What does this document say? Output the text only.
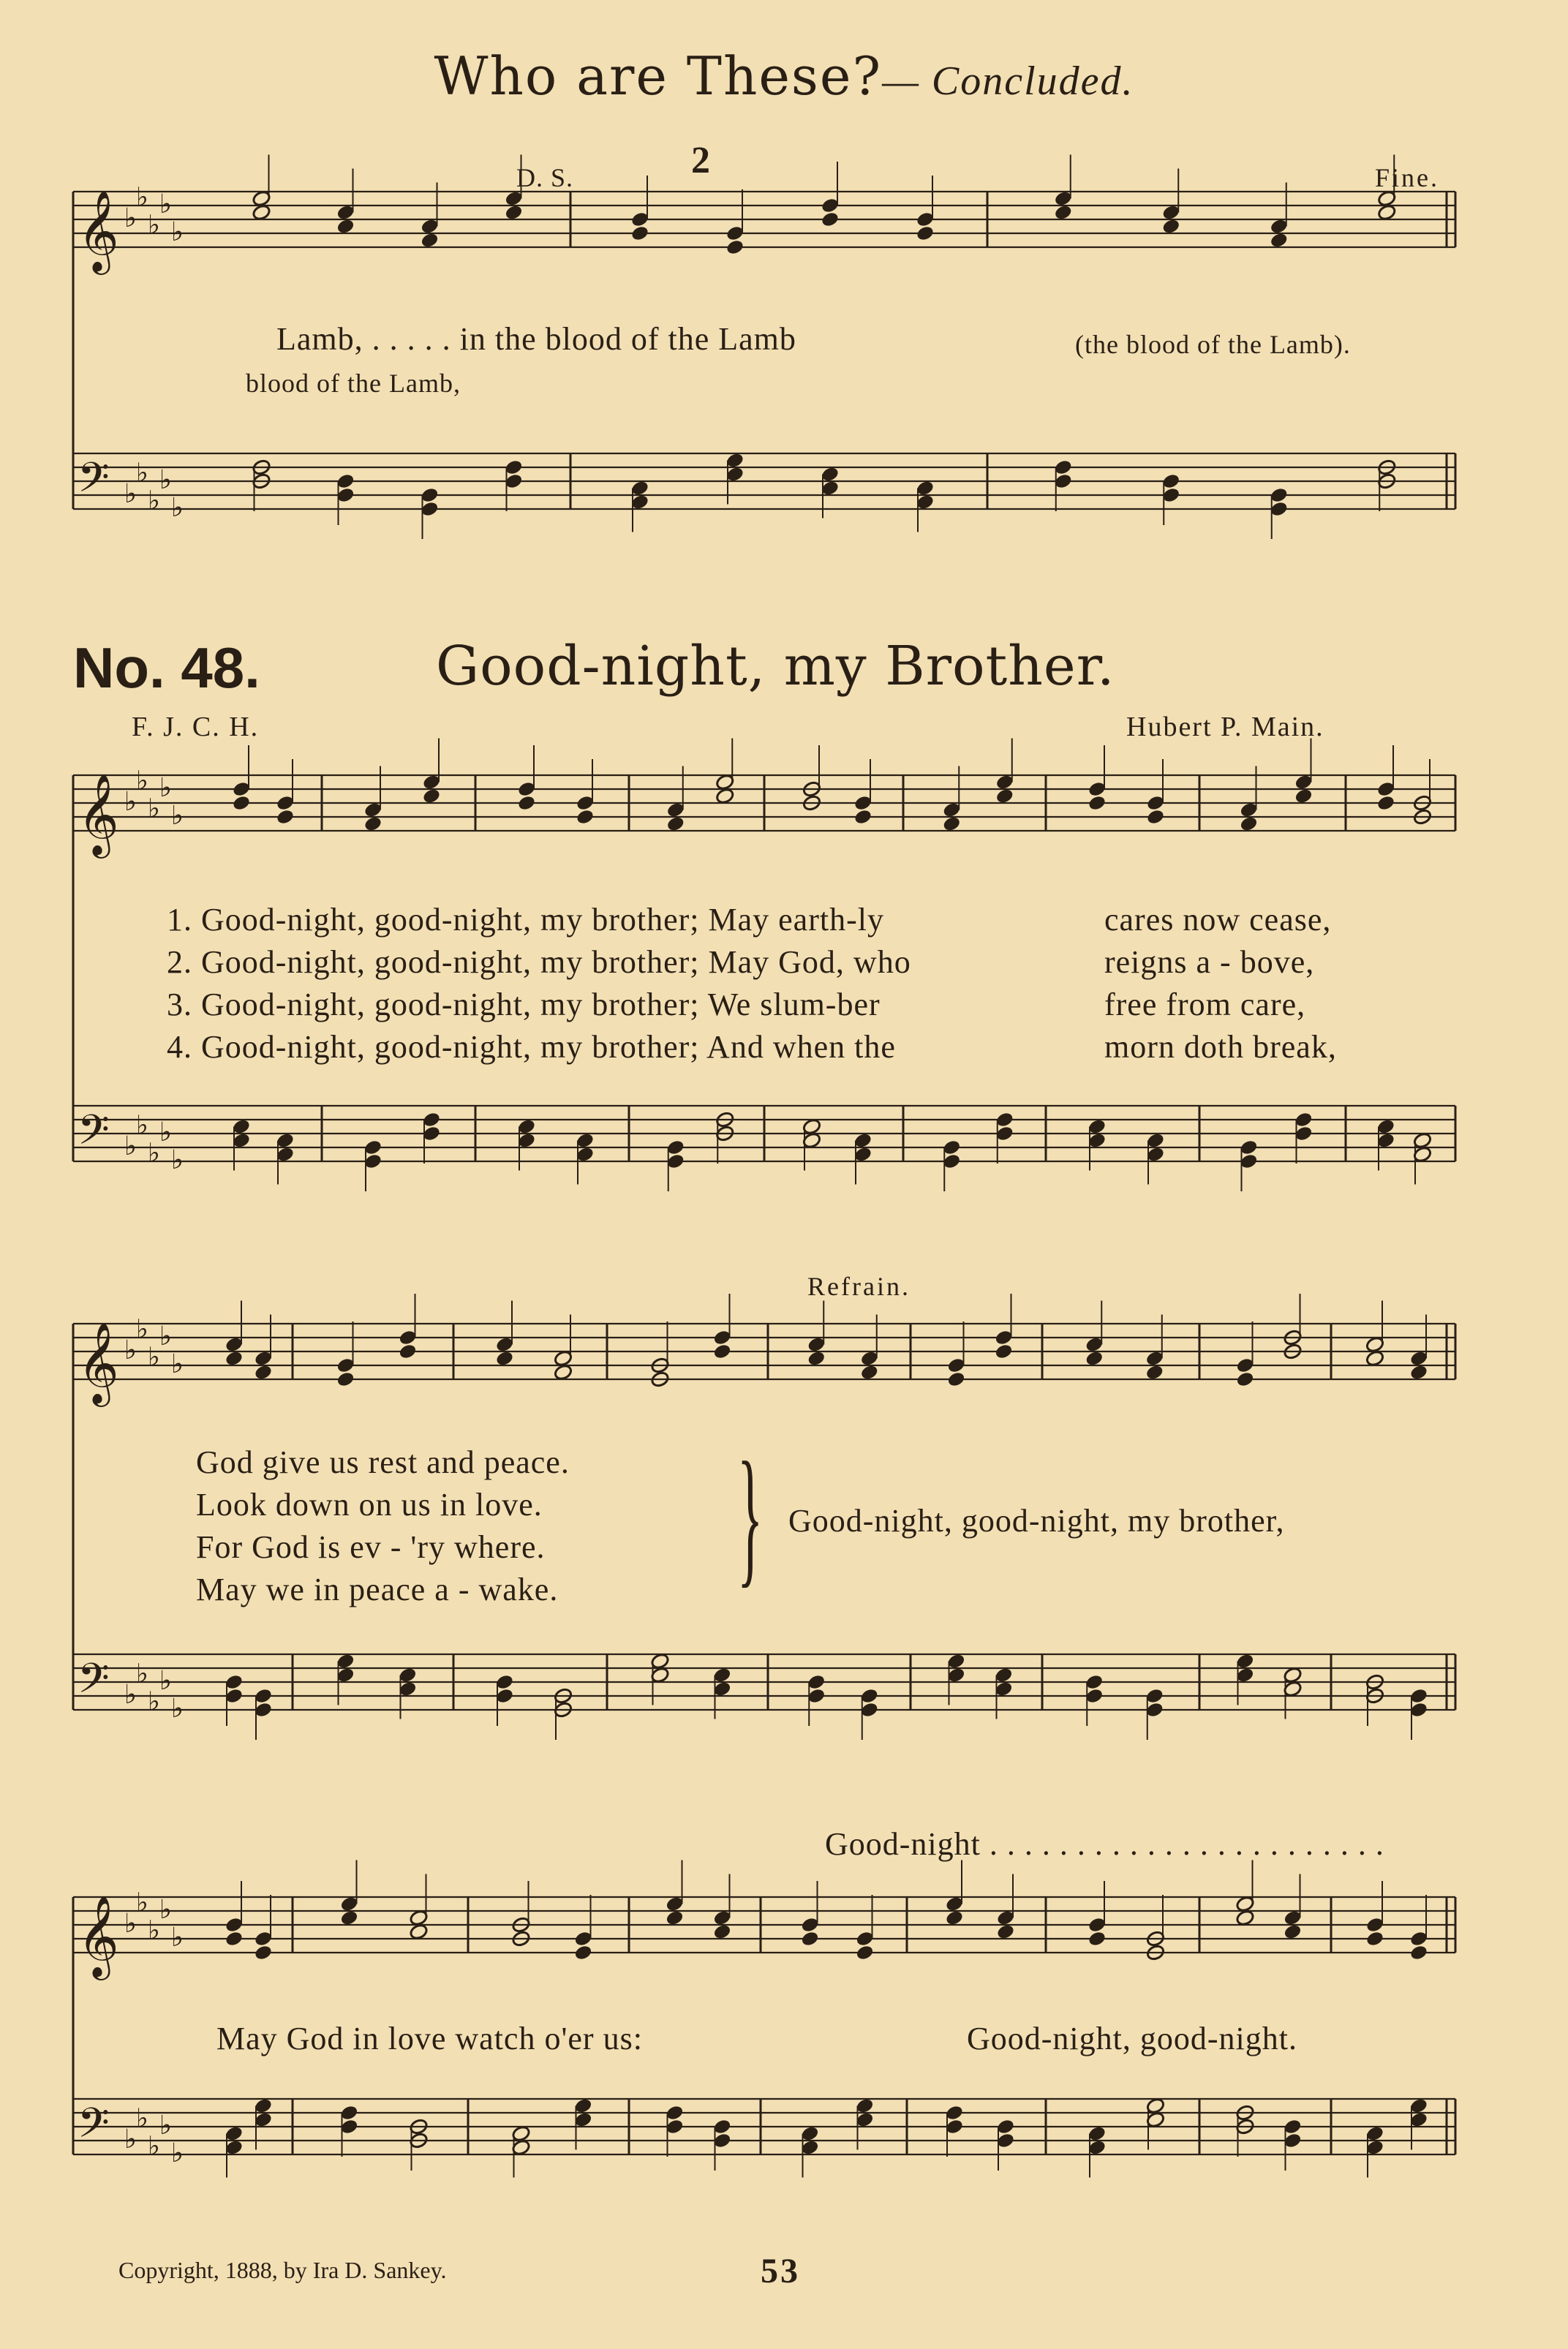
Who are These?— Concluded.
𝄞 ♭
♭
♭
♭
♭
𝄢 ♭
♭
♭
♭
♭
𝄞 ♭
♭
♭
♭
♭
𝄢 ♭
♭
♭
♭
♭
𝄞 ♭
♭
♭
♭
♭
𝄢 ♭
♭
♭
♭
♭
𝄞 ♭
♭
♭
♭
♭
𝄢 ♭
♭
♭
♭
♭
D. S.	2	Fine.
Lamb, . . . . . in the blood of the Lamb	(the blood of the Lamb).
blood of the Lamb,
No. 48.	Good-night, my Brother.
F. J. C. H.	Hubert P. Main.
1. Good-night, good-night, my brother; May earth-ly	cares now cease,
2. Good-night, good-night, my brother; May God, who	reigns a - bove,
3. Good-night, good-night, my brother; We slum-ber	free from care,
4. Good-night, good-night, my brother; And when the	morn doth break,
Refrain.
God give us rest and peace.
Look down on us in love.
For God is ev - 'ry where.
May we in peace a - wake. } Good-night, good-night, my brother,
Good-night . . . . . . . . . . . . . . . . . . . . . . .
May God in love watch o'er us:	Good-night, good-night.
Copyright, 1888, by Ira D. Sankey.	53
